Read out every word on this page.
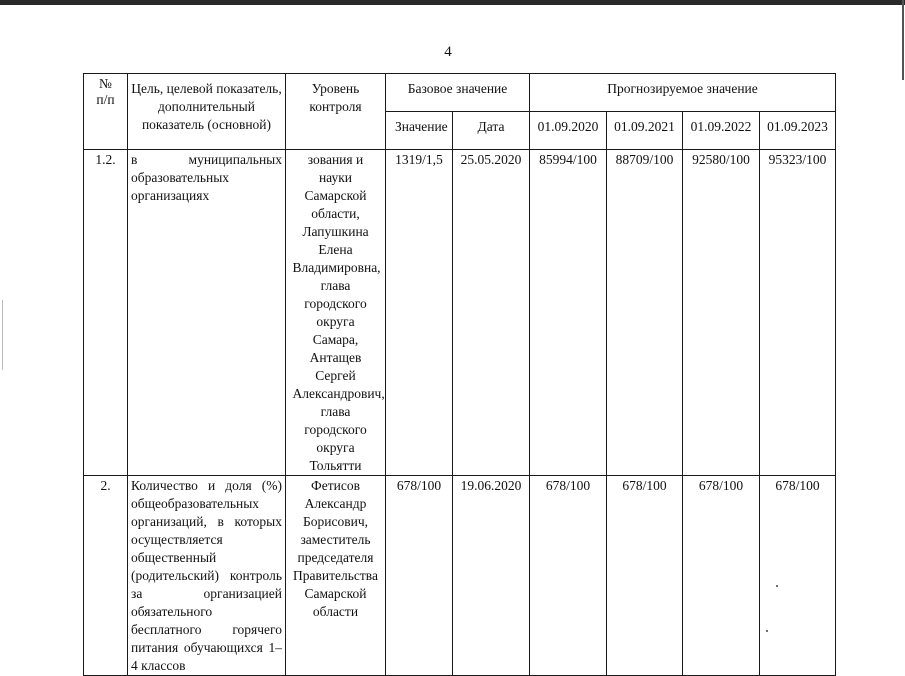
4
№ п/п	Цель, целевой показатель, дополнительный показатель (основной)	Уровень контроля	Базовое значение		Прогнозируемое значение			
			Значение	Дата	01.09.2020	01.09.2021	01.09.2022	01.09.2023
1.2.	в муниципальных образовательных организациях	зования и науки Самарской области, Лапушкина Елена Владимировна, глава городского округа Самара, Антащев Сергей Александрович, глава городского округа Тольятти	1319/1,5	25.05.2020	85994/100	88709/100	92580/100	95323/100
2.	Количество и доля (%) общеобразовательных организаций, в которых осуществляется общественный (родительский) контроль за организацией обязательного бесплатного горячего питания обучающихся 1–4 классов	Фетисов Александр Борисович, заместитель председателя Правительства Самарской области	678/100	19.06.2020	678/100	678/100	678/100	678/100
